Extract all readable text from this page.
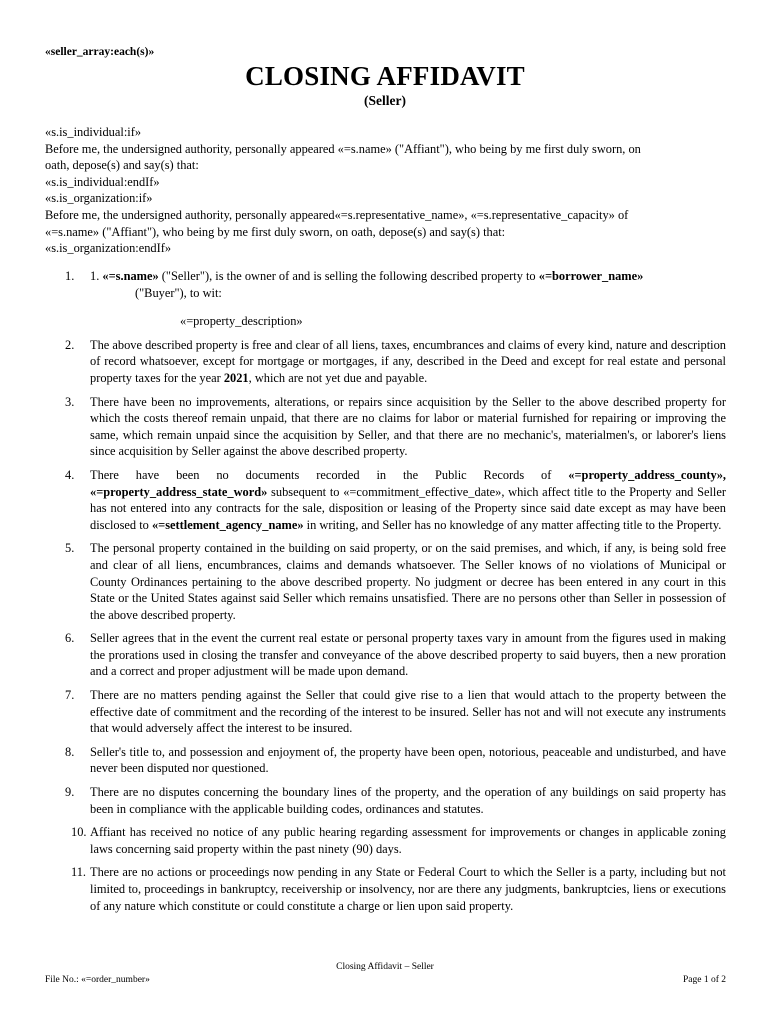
«seller_array:each(s)»
CLOSING AFFIDAVIT
(Seller)
«s.is_individual:if»
Before me, the undersigned authority, personally appeared «=s.name» ("Affiant"), who being by me first duly sworn, on
oath, depose(s) and say(s) that:
«s.is_individual:endIf»
«s.is_organization:if»
Before me, the undersigned authority, personally appeared«=s.representative_name», «=s.representative_capacity» of
«=s.name» ("Affiant"), who being by me first duly sworn, on oath, depose(s) and say(s) that:
«s.is_organization:endIf»
1. 1. «=s.name» ("Seller"), is the owner of and is selling the following described property to «=borrower_name»
("Buyer"), to wit:
«=property_description»
2. The above described property is free and clear of all liens, taxes, encumbrances and claims of every kind, nature and description of record whatsoever, except for mortgage or mortgages, if any, described in the Deed and except for real estate and personal property taxes for the year 2021, which are not yet due and payable.
3. There have been no improvements, alterations, or repairs since acquisition by the Seller to the above described property for which the costs thereof remain unpaid, that there are no claims for labor or material furnished for repairing or improving the same, which remain unpaid since the acquisition by Seller, and that there are no mechanic's, materialmen's, or laborer's liens since acquisition by Seller against the above described property.
4. There have been no documents recorded in the Public Records of «=property_address_county», «=property_address_state_word» subsequent to «=commitment_effective_date», which affect title to the Property and Seller has not entered into any contracts for the sale, disposition or leasing of the Property since said date except as may have been disclosed to «=settlement_agency_name» in writing, and Seller has no knowledge of any matter affecting title to the Property.
5. The personal property contained in the building on said property, or on the said premises, and which, if any, is being sold free and clear of all liens, encumbrances, claims and demands whatsoever. The Seller knows of no violations of Municipal or County Ordinances pertaining to the above described property. No judgment or decree has been entered in any court in this State or the United States against said Seller which remains unsatisfied. There are no persons other than Seller in possession of the above described property.
6. Seller agrees that in the event the current real estate or personal property taxes vary in amount from the figures used in making the prorations used in closing the transfer and conveyance of the above described property to said buyers, then a new proration and a correct and proper adjustment will be made upon demand.
7. There are no matters pending against the Seller that could give rise to a lien that would attach to the property between the effective date of commitment and the recording of the interest to be insured. Seller has not and will not execute any instruments that would adversely affect the interest to be insured.
8. Seller's title to, and possession and enjoyment of, the property have been open, notorious, peaceable and undisturbed, and have never been disputed nor questioned.
9. There are no disputes concerning the boundary lines of the property, and the operation of any buildings on said property has been in compliance with the applicable building codes, ordinances and statutes.
10. Affiant has received no notice of any public hearing regarding assessment for improvements or changes in applicable zoning laws concerning said property within the past ninety (90) days.
11. There are no actions or proceedings now pending in any State or Federal Court to which the Seller is a party, including but not limited to, proceedings in bankruptcy, receivership or insolvency, nor are there any judgments, bankruptcies, liens or executions of any nature which constitute or could constitute a charge or lien upon said property.
Closing Affidavit – Seller
File No.: «=order_number»	Page 1 of 2
